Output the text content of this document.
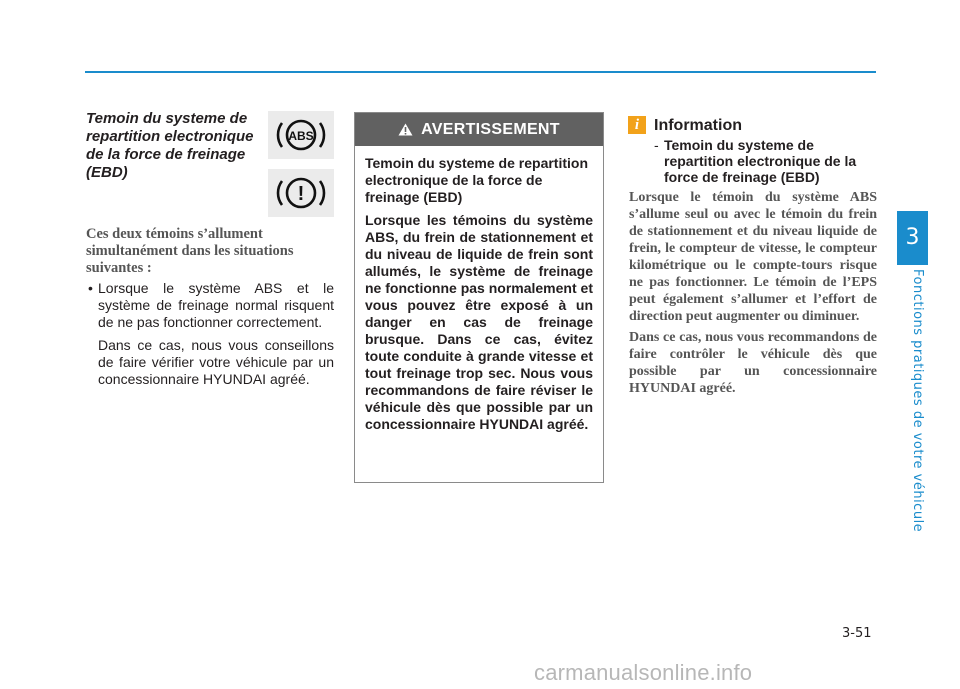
Temoin du systeme de repartition electronique de la force de freinage (EBD)
ABS
!
Ces deux témoins s’allument simultanément dans les situations suivantes :
• Lorsque le système ABS et le système de freinage normal risquent de ne pas fonctionner correctement.

Dans ce cas, nous vous conseillons de faire vérifier votre véhicule par un concessionnaire HYUNDAI agréé.

AVERTISSEMENT

Temoin du systeme de repartition electronique de la force de freinage (EBD)

Lorsque les témoins du système ABS, du frein de stationnement et du niveau de liquide de frein sont allumés, le système de freinage ne fonctionne pas normalement et vous pouvez être exposé à un danger en cas de freinage brusque. Dans ce cas, évitez toute conduite à grande vitesse et tout freinage trop sec. Nous vous recommandons de faire réviser le véhicule dès que possible par un concessionnaire HYUNDAI agréé.

i Information
- Temoin du systeme de repartition electronique de la force de freinage (EBD)

Lorsque le témoin du système ABS s’allume seul ou avec le témoin du frein de stationnement et du niveau liquide de frein, le compteur de vitesse, le compteur kilométrique ou le compte-tours risque ne pas fonctionner. Le témoin de l’EPS peut également s’allumer et l’effort de direction peut augmenter ou diminuer.

Dans ce cas, nous vous recommandons de faire contrôler le véhicule dès que possible par un concessionnaire HYUNDAI agréé.

3
Fonctions pratiques de votre véhicule
3-51
carmanualsonline.info
